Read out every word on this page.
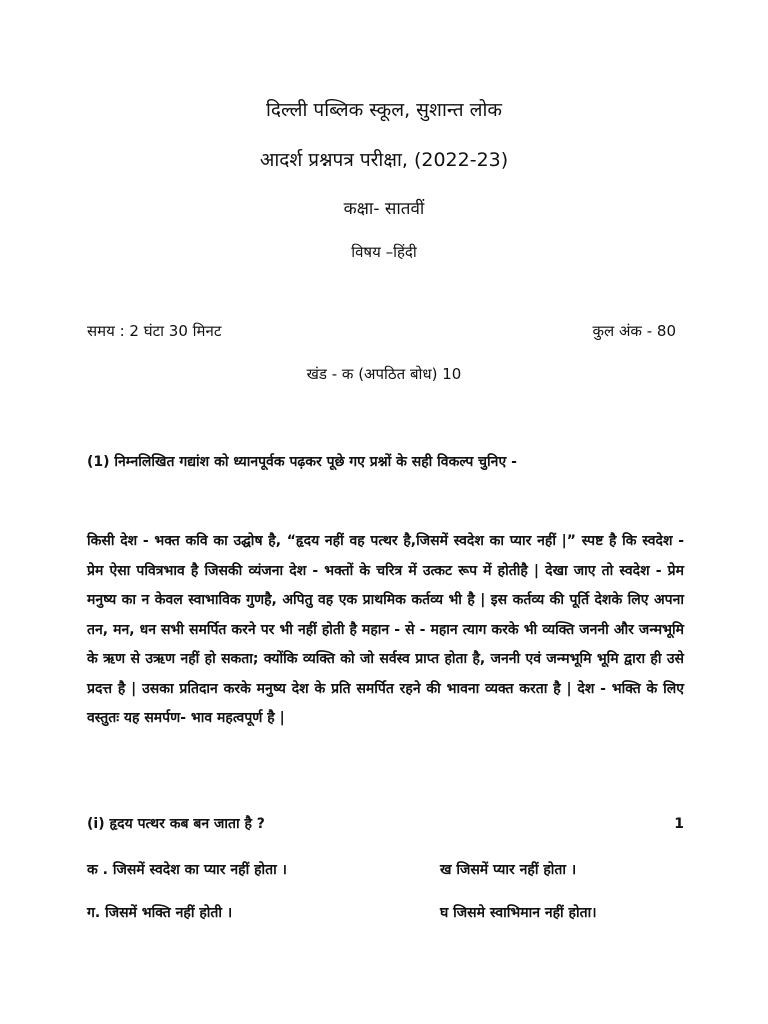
दिल्ली पब्लिक स्कूल, सुशान्त लोक
आदर्श प्रश्नपत्र परीक्षा, (2022-23)
कक्षा- सातवीं
विषय –हिंदी
समय : 2 घंटा 30 मिनट	कुल अंक - 80
खंड - क (अपठित बोध) 10
(1) निम्नलिखित गद्यांश को ध्यानपूर्वक पढ़कर पूछे गए प्रश्नों के सही विकल्प चुनिए -
किसी देश - भक्त कवि का उद्घोष है, “हृदय नहीं वह पत्थर है,जिसमें स्वदेश का प्यार नहीं |” स्पष्ट है कि स्वदेश - प्रेम ऐसा पवित्रभाव है जिसकी व्यंजना देश - भक्तों के चरित्र में उत्कट रूप में होतीहै | देखा जाए तो स्वदेश - प्रेम मनुष्य का न केवल स्वाभाविक गुणहै, अपितु वह एक प्राथमिक कर्तव्य भी है | इस कर्तव्य की पूर्ति देशके लिए अपना तन, मन, धन सभी समर्पित करने पर भी नहीं होती है महान - से - महान त्याग करके भी व्यक्ति जननी और जन्मभूमि के ऋण से उऋण नहीं हो सकता; क्योंकि व्यक्ति को जो सर्वस्व प्राप्त होता है, जननी एवं जन्मभूमि भूमि द्वारा ही उसे प्रदत्त है | उसका प्रतिदान करके मनुष्य देश के प्रति समर्पित रहने की भावना व्यक्त करता है | देश - भक्ति के लिए वस्तुतः यह समर्पण- भाव महत्वपूर्ण है |
(i) हृदय पत्थर कब बन जाता है ?	1
क . जिसमें स्वदेश का प्यार नहीं होता ।	ख जिसमें प्यार नहीं होता ।
ग. जिसमें भक्ति नहीं होती ।	घ जिसमे स्वाभिमान नहीं होता।
